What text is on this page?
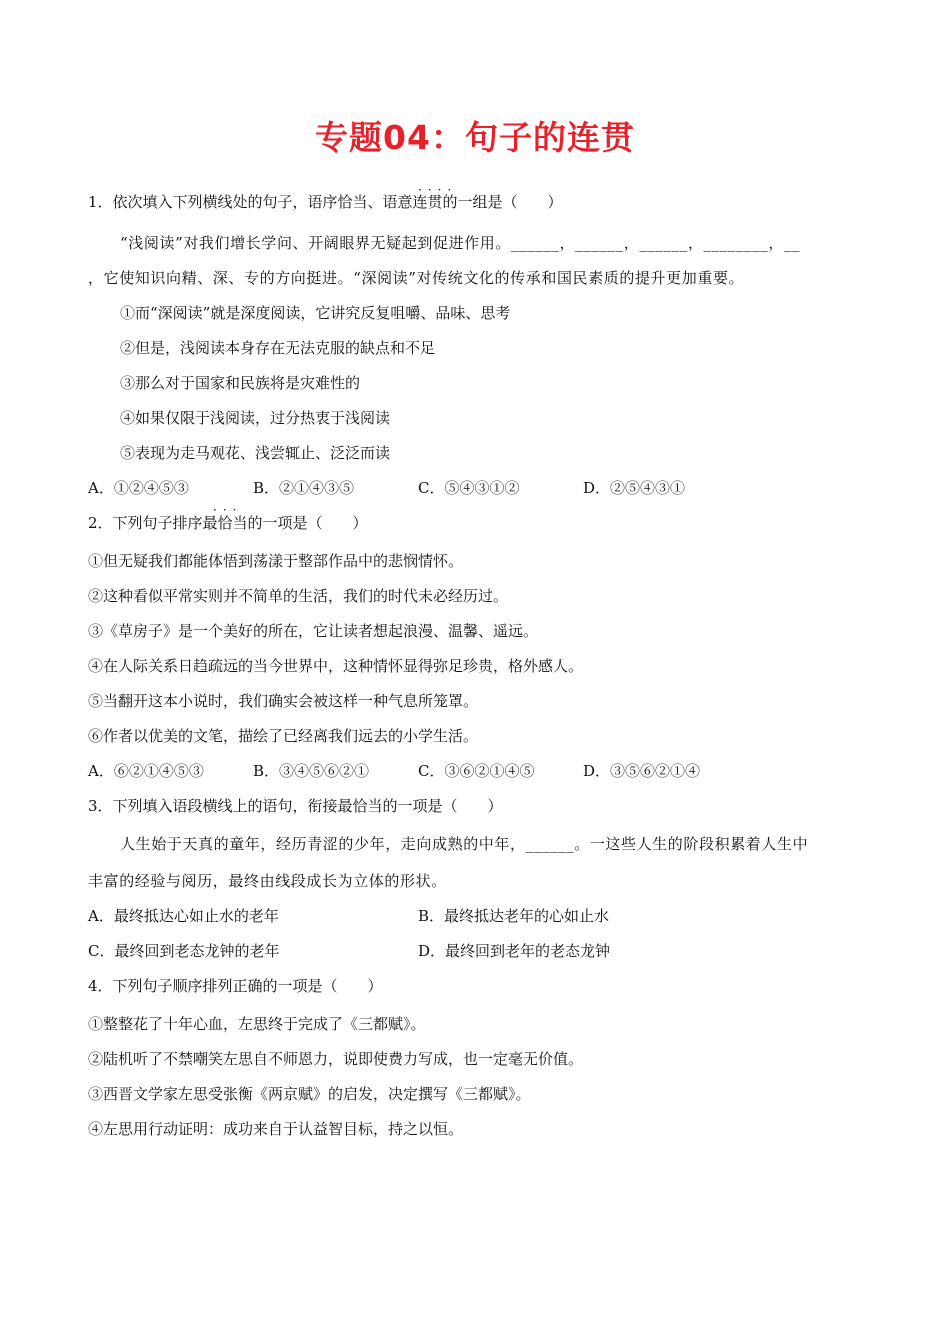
专题04：句子的连贯
····
1．依次填入下列横线处的句子，语序恰当、语意连贯的一组是（　　）
“浅阅读”对我们增长学问、开阔眼界无疑起到促进作用。______，______，______，________，__
，它使知识向精、深、专的方向挺进。“深阅读”对传统文化的传承和国民素质的提升更加重要。
①而“深阅读”就是深度阅读，它讲究反复咀嚼、品味、思考
②但是，浅阅读本身存在无法克服的缺点和不足
③那么对于国家和民族将是灾难性的
④如果仅限于浅阅读，过分热衷于浅阅读
⑤表现为走马观花、浅尝辄止、泛泛而读
A．①②④⑤③	B．②①④③⑤	C．⑤④③①②	D．②⑤④③①
···
2．下列句子排序最恰当的一项是（　　）
①但无疑我们都能体悟到荡漾于整部作品中的悲悯情怀。
②这种看似平常实则并不简单的生活，我们的时代未必经历过。
③《草房子》是一个美好的所在，它让读者想起浪漫、温馨、遥远。
④在人际关系日趋疏远的当今世界中，这种情怀显得弥足珍贵，格外感人。
⑤当翻开这本小说时，我们确实会被这样一种气息所笼罩。
⑥作者以优美的文笔，描绘了已经离我们远去的小学生活。
A．⑥②①④⑤③	B．③④⑤⑥②①	C．③⑥②①④⑤	D．③⑤⑥②①④
3．下列填入语段横线上的语句，衔接最恰当的一项是（　　）
人生始于天真的童年，经历青涩的少年，走向成熟的中年，______。一这些人生的阶段积累着人生中
丰富的经验与阅历，最终由线段成长为立体的形状。
A．最终抵达心如止水的老年	B．最终抵达老年的心如止水
C．最终回到老态龙钟的老年	D．最终回到老年的老态龙钟
4．下列句子顺序排列正确的一项是（　　）
①整整花了十年心血，左思终于完成了《三都赋》。
②陆机听了不禁嘲笑左思自不师恩力，说即使费力写成，也一定毫无价值。
③西晋文学家左思受张衡《两京赋》的启发，决定撰写《三都赋》。
④左思用行动证明：成功来自于认益智目标，持之以恒。
